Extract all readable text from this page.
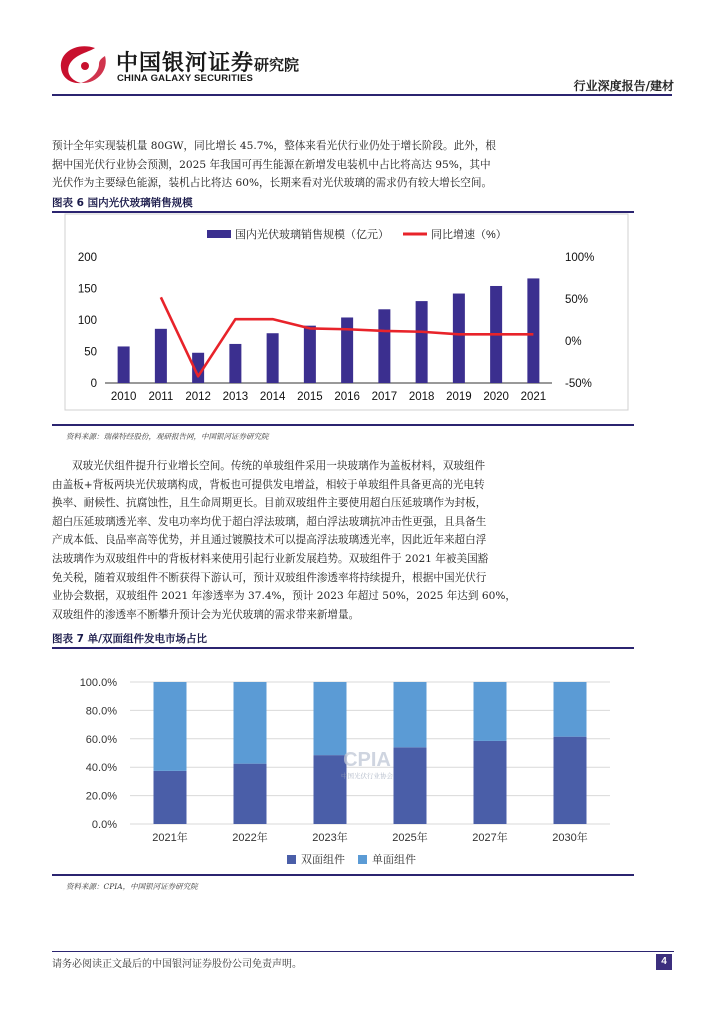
中国银河证券
CHINA GALAXY SECURITIES
研究院
行业深度报告/建材
预计全年实现装机量 80GW，同比增长 45.7%，整体来看光伏行业仍处于增长阶段。此外，根
据中国光伏行业协会预测，2025 年我国可再生能源在新增发电装机中占比将高达 95%，其中
光伏作为主要绿色能源，装机占比将达 60%，长期来看对光伏玻璃的需求仍有较大增长空间。
图表 6 国内光伏玻璃销售规模
国内光伏玻璃销售规模（亿元）	同比增速（%）
0
50
100
150
200
-50%
0%
50%
100%
2010 2011 2012 2013 2014 2015 2016 2017 2018 2019 2020 2021
资料来源：瑞葆特经股份，观研报告网，中国银河证券研究院
双玻光伏组件提升行业增长空间。传统的单玻组件采用一块玻璃作为盖板材料，双玻组件
由盖板+背板两块光伏玻璃构成，背板也可提供发电增益，相较于单玻组件具备更高的光电转
换率、耐候性、抗腐蚀性，且生命周期更长。目前双玻组件主要使用超白压延玻璃作为封板，
超白压延玻璃透光率、发电功率均优于超白浮法玻璃，超白浮法玻璃抗冲击性更强，且具备生
产成本低、良品率高等优势，并且通过镀膜技术可以提高浮法玻璃透光率，因此近年来超白浮
法玻璃作为双玻组件中的背板材料来使用引起行业新发展趋势。双玻组件于 2021 年被美国豁
免关税，随着双玻组件不断获得下游认可，预计双玻组件渗透率将持续提升，根据中国光伏行
业协会数据，双玻组件 2021 年渗透率为 37.4%，预计 2023 年超过 50%，2025 年达到 60%，
双玻组件的渗透率不断攀升预计会为光伏玻璃的需求带来新增量。
图表 7 单/双面组件发电市场占比
0.0%
20.0%
40.0%
60.0%
80.0%
100.0%
2021年	2022年	2023年	2025年	2027年	2030年
CPIA
中国光伏行业协会
双面组件 单面组件
资料来源：CPIA，中国银河证券研究院
请务必阅读正文最后的中国银河证券股份公司免责声明。	4
